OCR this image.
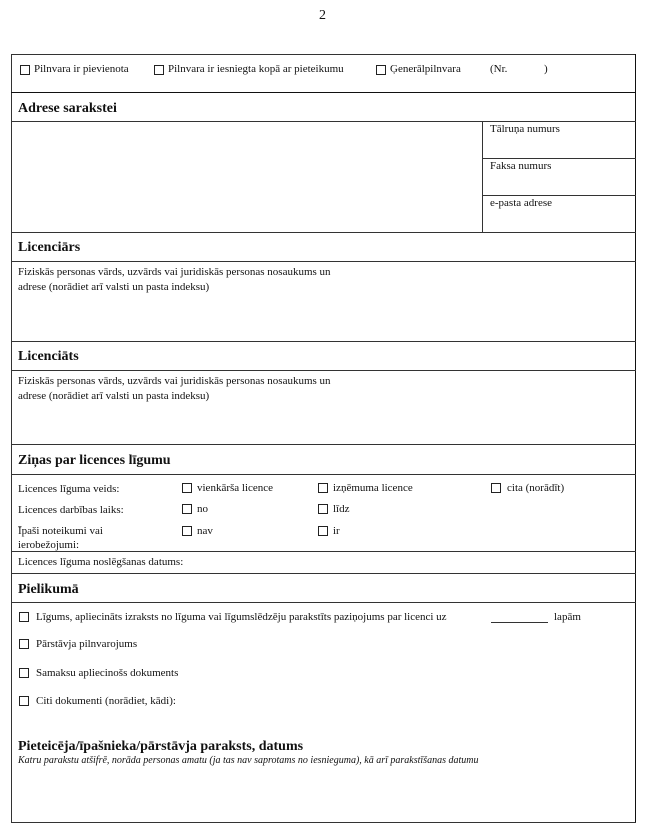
2
Pilnvara ir pievienota	Pilnvara ir iesniegta kopā ar pieteikumu	Ģenerālpilnvara	(Nr.	)
Adrese sarakstei
Tālruņa numurs
Faksa numurs
e-pasta adrese
Licenciārs
Fiziskās personas vārds, uzvārds vai juridiskās personas nosaukums un
adrese (norādiet arī valsti un pasta indeksu)
Licenciāts
Fiziskās personas vārds, uzvārds vai juridiskās personas nosaukums un
adrese (norādiet arī valsti un pasta indeksu)
Ziņas par licences līgumu
Licences līguma veids:	vienkārša licence	izņēmuma licence	cita (norādīt)
Licences darbības laiks:	no	līdz
Īpaši noteikumi vai
ierobežojumi:
nav	ir
Licences līguma noslēgšanas datums:
Pielikumā
Līgums, apliecināts izraksts no līguma vai līgumslēdzēju parakstīts paziņojums par licenci uz	lapām
Pārstāvja pilnvarojums
Samaksu apliecinošs dokuments
Citi dokumenti (norādiet, kādi):
Pieteicēja/īpašnieka/pārstāvja paraksts, datums
Katru parakstu atšifrē, norāda personas amatu (ja tas nav saprotams no iesnieguma), kā arī parakstīšanas datumu
